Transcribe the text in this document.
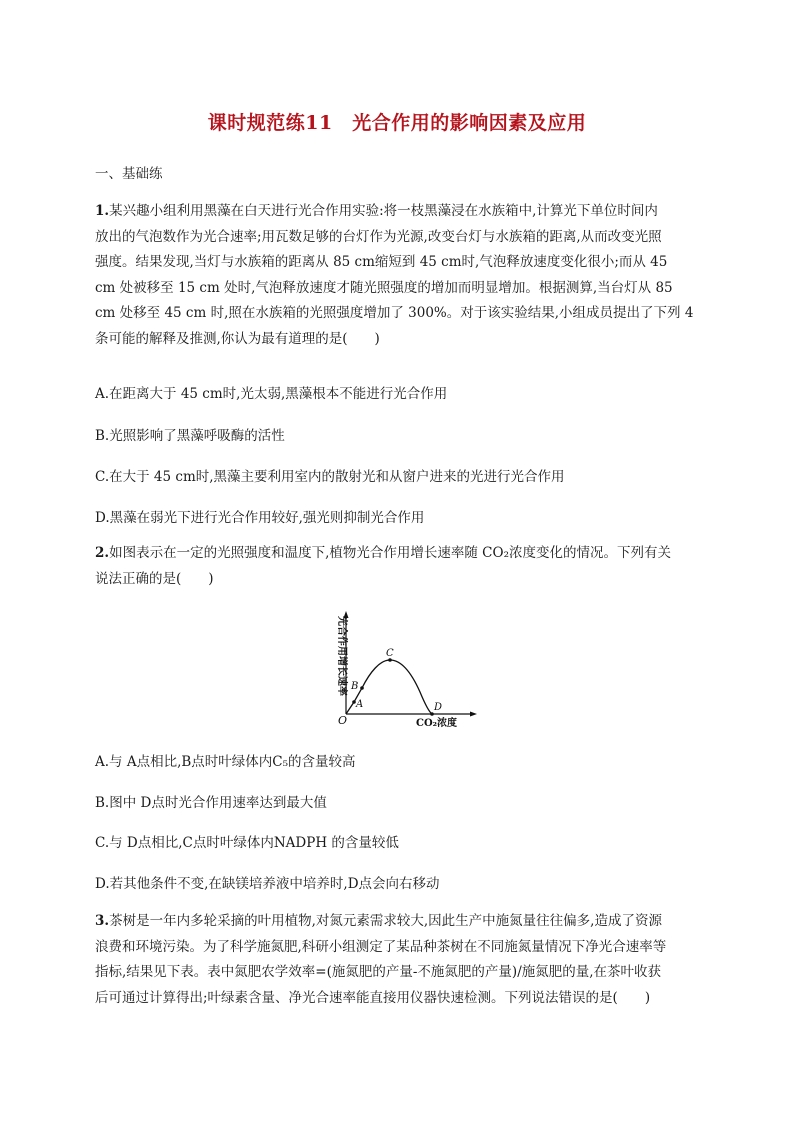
课时规范练11　光合作用的影响因素及应用
一、基础练
1.某兴趣小组利用黑藻在白天进行光合作用实验:将一枝黑藻浸在水族箱中,计算光下单位时间内
放出的气泡数作为光合速率;用瓦数足够的台灯作为光源,改变台灯与水族箱的距离,从而改变光照
强度。结果发现,当灯与水族箱的距离从 85 cm缩短到 45 cm时,气泡释放速度变化很小;而从 45
cm 处被移至 15 cm 处时,气泡释放速度才随光照强度的增加而明显增加。根据测算,当台灯从 85
cm 处移至 45 cm 时,照在水族箱的光照强度增加了 300%。对于该实验结果,小组成员提出了下列 4
条可能的解释及推测,你认为最有道理的是(　　)
A.在距离大于 45 cm时,光太弱,黑藻根本不能进行光合作用
B.光照影响了黑藻呼吸酶的活性
C.在大于 45 cm时,黑藻主要利用室内的散射光和从窗户进来的光进行光合作用
D.黑藻在弱光下进行光合作用较好,强光则抑制光合作用
2.如图表示在一定的光照强度和温度下,植物光合作用增长速率随 CO₂浓度变化的情况。下列有关
说法正确的是(　　)
光合作用增长速率
CO₂浓度
O
A
B
C
D
A.与 A点相比,B点时叶绿体内C₅的含量较高
B.图中 D点时光合作用速率达到最大值
C.与 D点相比,C点时叶绿体内NADPH 的含量较低
D.若其他条件不变,在缺镁培养液中培养时,D点会向右移动
3.茶树是一年内多轮采摘的叶用植物,对氮元素需求较大,因此生产中施氮量往往偏多,造成了资源
浪费和环境污染。为了科学施氮肥,科研小组测定了某品种茶树在不同施氮量情况下净光合速率等
指标,结果见下表。表中氮肥农学效率=(施氮肥的产量-不施氮肥的产量)/施氮肥的量,在茶叶收获
后可通过计算得出;叶绿素含量、净光合速率能直接用仪器快速检测。下列说法错误的是(　　)
